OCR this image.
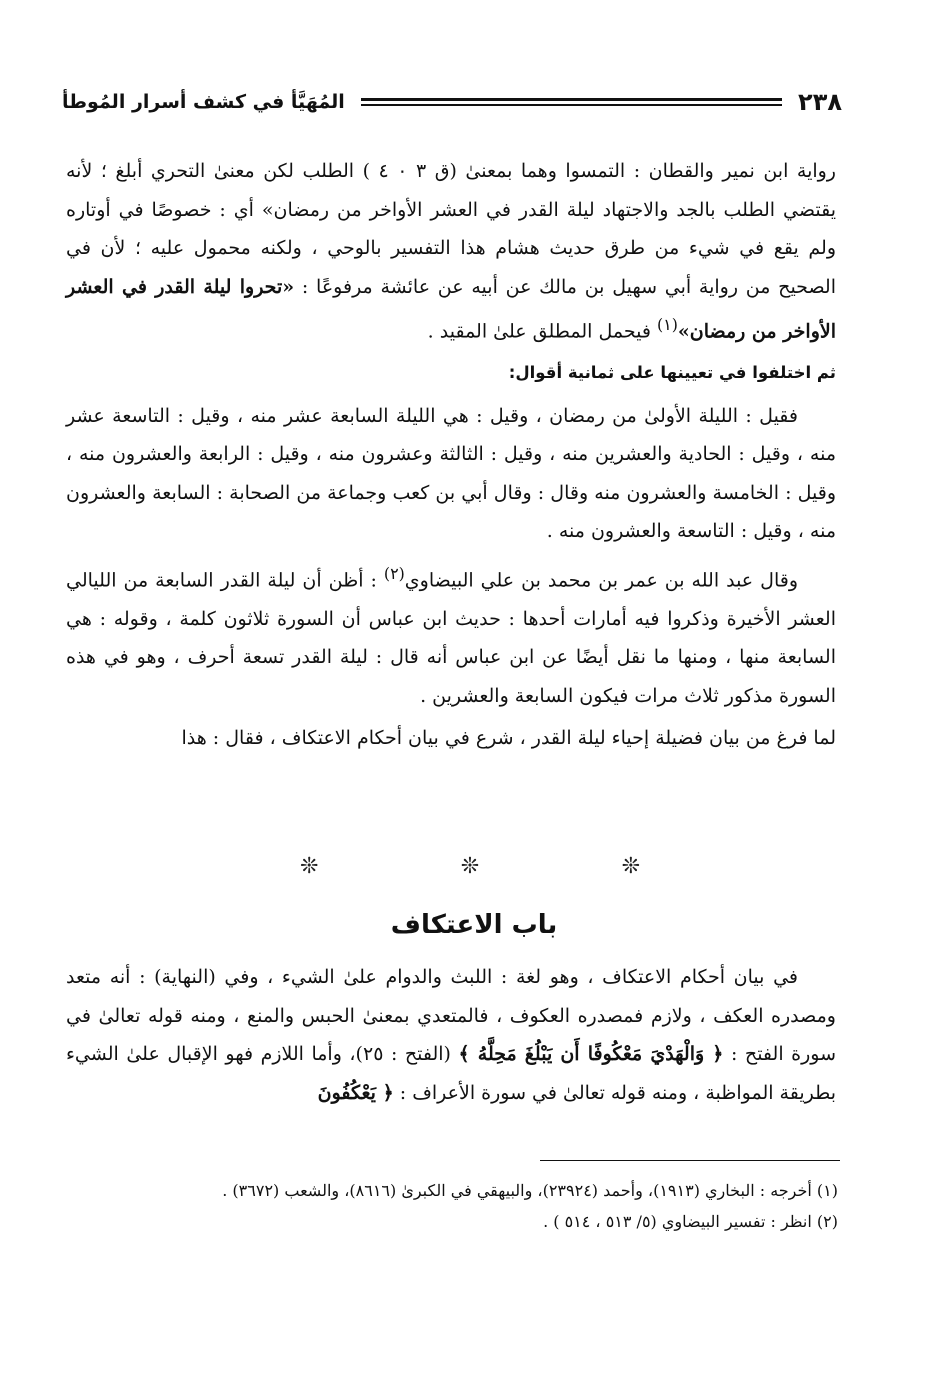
٢٣٨
المُهَيَّأ في كشف أسرار المُوطأ

رواية ابن نمير والقطان : التمسوا وهما بمعنىٰ (ق ٣ ٠ ٤ ) الطلب لكن معنىٰ التحري أبلغ ؛ لأنه يقتضي الطلب بالجد والاجتهاد ليلة القدر في العشر الأواخر من رمضان» أي : خصوصًا في أوتاره ولم يقع في شيء من طرق حديث هشام هذا التفسير بالوحي ، ولكنه محمول عليه ؛ لأن في الصحيح من رواية أبي سهيل بن مالك عن أبيه عن عائشة مرفوعًا : «تحروا ليلة القدر في العشر الأواخر من رمضان»$^{(١)}$ فيحمل المطلق علىٰ المقيد .

ثم اختلفوا في تعيينها على ثمانية أقوال:

فقيل : الليلة الأولىٰ من رمضان ، وقيل : هي الليلة السابعة عشر منه ، وقيل : التاسعة عشر منه ، وقيل : الحادية والعشرين منه ، وقيل : الثالثة وعشرون منه ، وقيل : الرابعة والعشرون منه ، وقيل : الخامسة والعشرون منه وقال : وقال أبي بن كعب وجماعة من الصحابة : السابعة والعشرون منه ، وقيل : التاسعة والعشرون منه .

وقال عبد الله بن عمر بن محمد بن علي البيضاوي$^{(٢)}$ : أظن أن ليلة القدر السابعة من الليالي العشر الأخيرة وذكروا فيه أمارات أحدها : حديث ابن عباس أن السورة ثلاثون كلمة ، وقوله : هي السابعة منها ، ومنها ما نقل أيضًا عن ابن عباس أنه قال : ليلة القدر تسعة أحرف ، وهو في هذه السورة مذكور ثلاث مرات فيكون السابعة والعشرين .

لما فرغ من بيان فضيلة إحياء ليلة القدر ، شرع في بيان أحكام الاعتكاف ، فقال : هذا

❊	❊	❊
باب الاعتكاف

في بيان أحكام الاعتكاف ، وهو لغة : اللبث والدوام علىٰ الشيء ، وفي (النهاية) : أنه متعد ومصدره العكف ، ولازم فمصدره العكوف ، فالمتعدي بمعنىٰ الحبس والمنع ، ومنه قوله تعالىٰ في سورة الفتح : ﴿ وَالْهَدْيَ مَعْكُوفًا أَن يَبْلُغَ مَحِلَّهُ ﴾ (الفتح : ٢٥)، وأما اللازم فهو الإقبال علىٰ الشيء بطريقة المواظبة ، ومنه قوله تعالىٰ في سورة الأعراف : ﴿ يَعْكُفُونَ

(١) أخرجه : البخاري (١٩١٣)، وأحمد (٢٣٩٢٤)، والبيهقي في الكبرىٰ (٨٦١٦)، والشعب (٣٦٧٢) .

(٢) انظر : تفسير البيضاوي (٥/ ٥١٣ ، ٥١٤ ) .
